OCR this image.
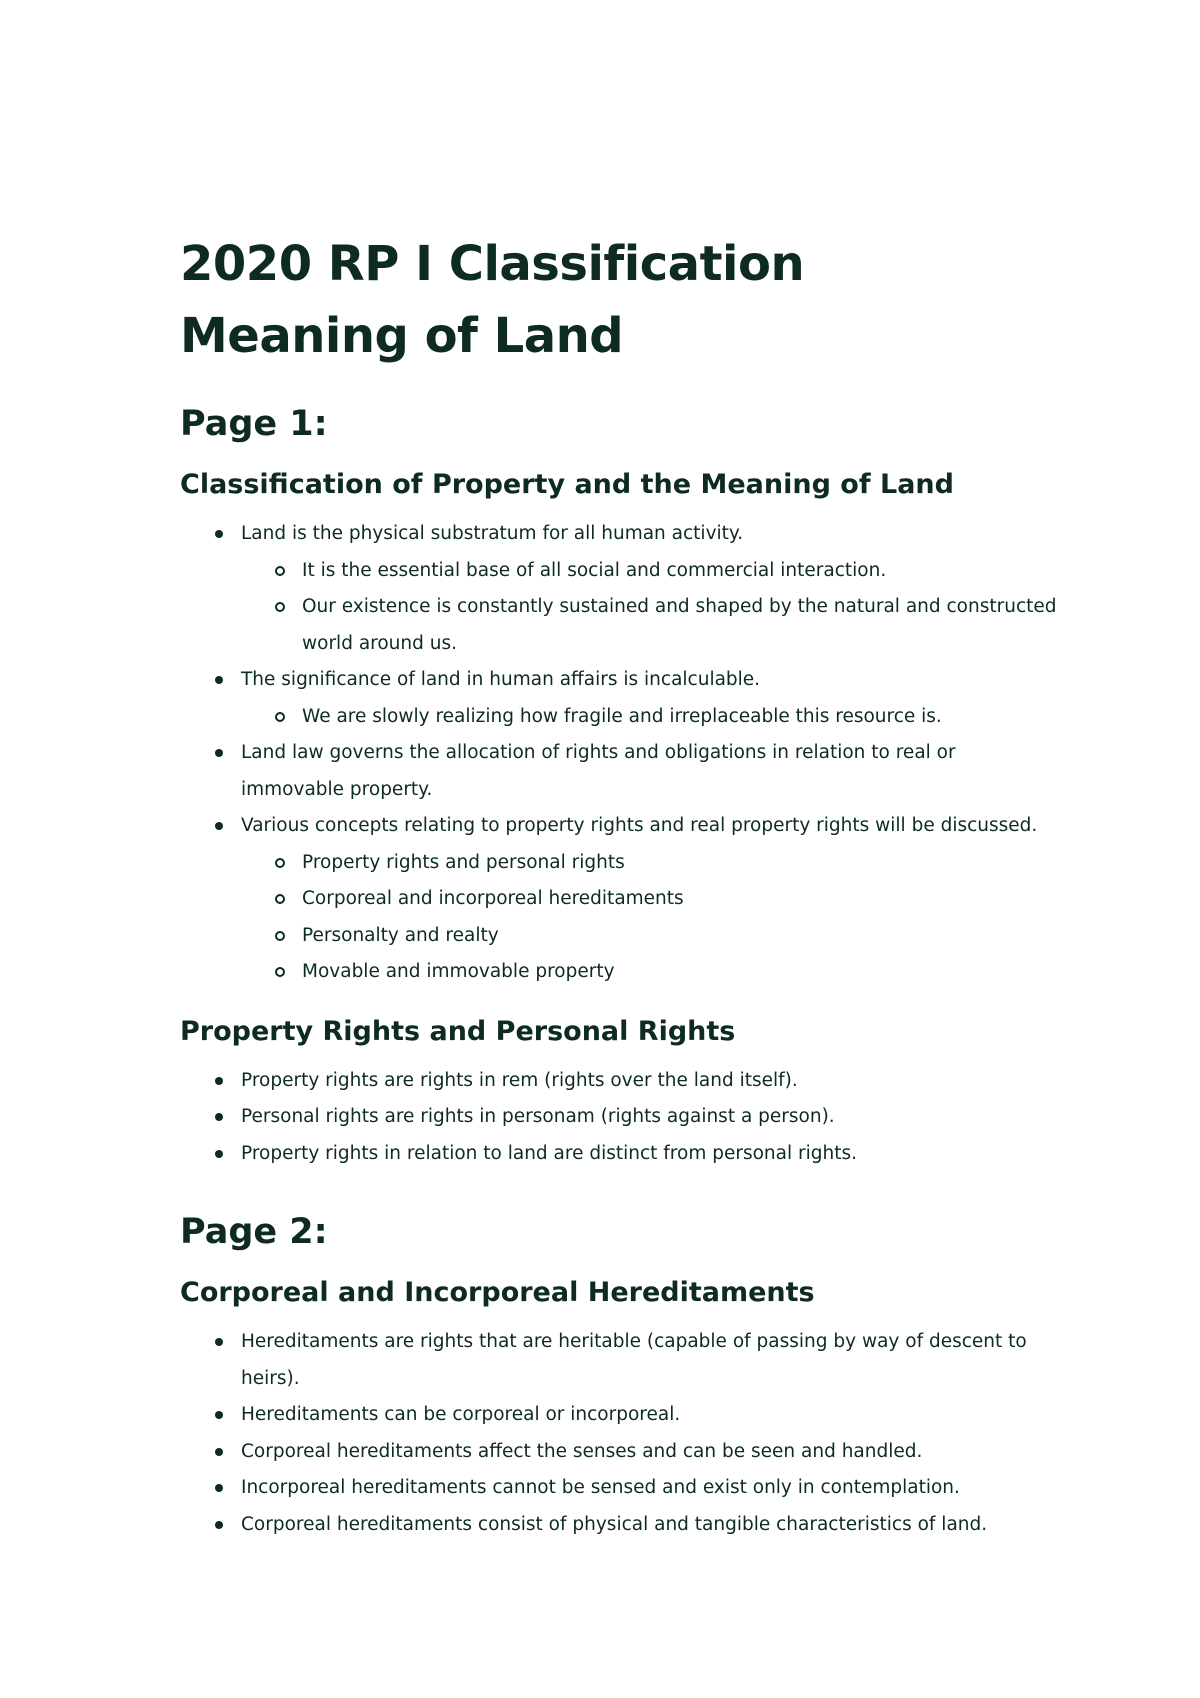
2020 RP I Classification
Meaning of Land
Page 1:
Classification of Property and the Meaning of Land
Land is the physical substratum for all human activity.
It is the essential base of all social and commercial interaction.
Our existence is constantly sustained and shaped by the natural and constructed world around us.
The significance of land in human affairs is incalculable.
We are slowly realizing how fragile and irreplaceable this resource is.
Land law governs the allocation of rights and obligations in relation to real or immovable property.
Various concepts relating to property rights and real property rights will be discussed.
Property rights and personal rights
Corporeal and incorporeal hereditaments
Personalty and realty
Movable and immovable property
Property Rights and Personal Rights
Property rights are rights in rem (rights over the land itself).
Personal rights are rights in personam (rights against a person).
Property rights in relation to land are distinct from personal rights.
Page 2:
Corporeal and Incorporeal Hereditaments
Hereditaments are rights that are heritable (capable of passing by way of descent to heirs).
Hereditaments can be corporeal or incorporeal.
Corporeal hereditaments affect the senses and can be seen and handled.
Incorporeal hereditaments cannot be sensed and exist only in contemplation.
Corporeal hereditaments consist of physical and tangible characteristics of land.
